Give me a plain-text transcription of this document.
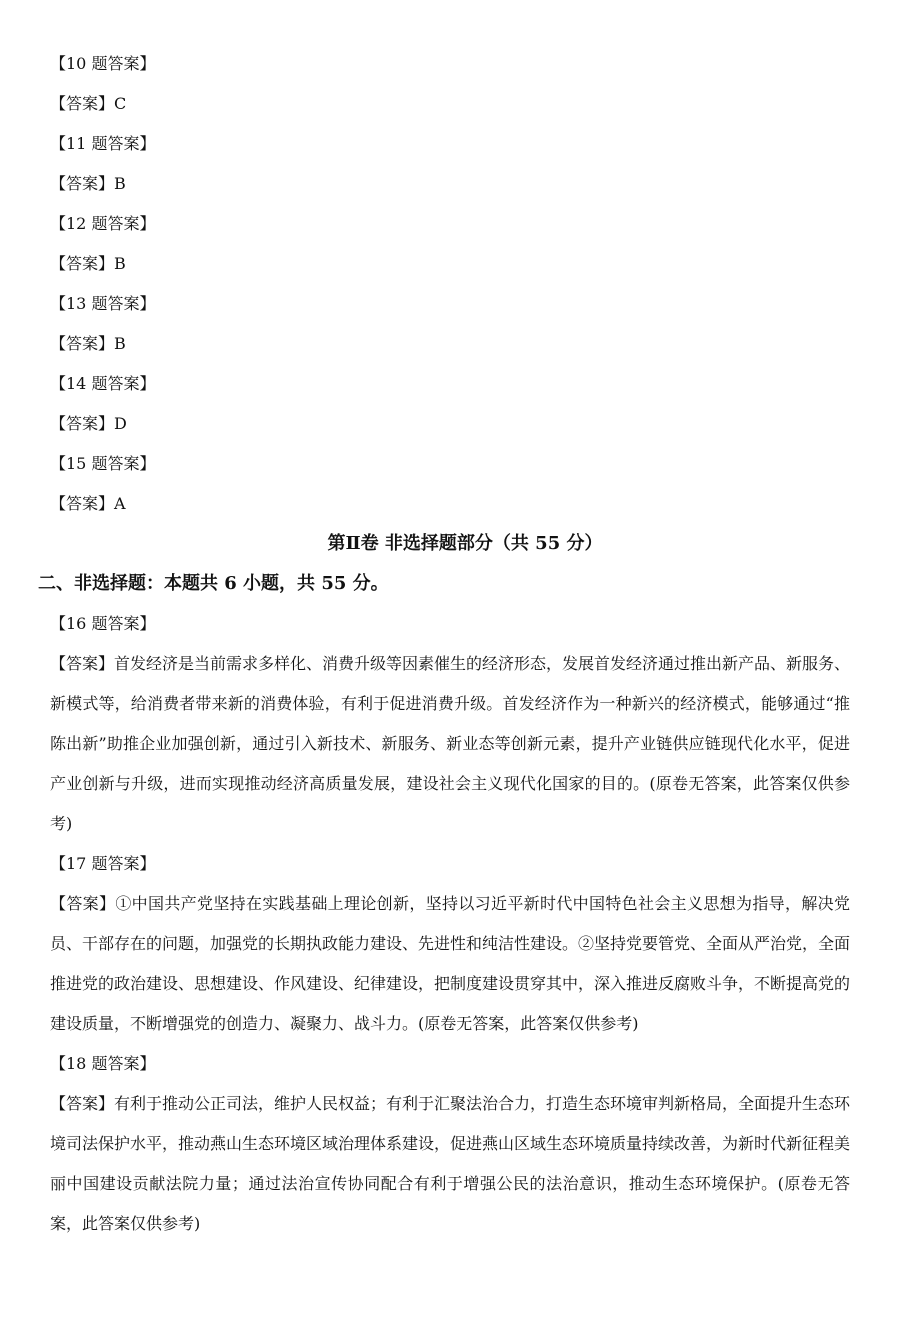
【10 题答案】
【答案】C
【11 题答案】
【答案】B
【12 题答案】
【答案】B
【13 题答案】
【答案】B
【14 题答案】
【答案】D
【15 题答案】
【答案】A
第Ⅱ卷 非选择题部分（共 55 分）
二、非选择题：本题共 6 小题，共 55 分。
【16 题答案】

【答案】首发经济是当前需求多样化、消费升级等因素催生的经济形态，发展首发经济通过推出新产品、新服务、新模式等，给消费者带来新的消费体验，有利于促进消费升级。首发经济作为一种新兴的经济模式，能够通过“推陈出新”助推企业加强创新，通过引入新技术、新服务、新业态等创新元素，提升产业链供应链现代化水平，促进产业创新与升级，进而实现推动经济高质量发展，建设社会主义现代化国家的目的。(原卷无答案，此答案仅供参考)

【17 题答案】

【答案】①中国共产党坚持在实践基础上理论创新，坚持以习近平新时代中国特色社会主义思想为指导，解决党员、干部存在的问题，加强党的长期执政能力建设、先进性和纯洁性建设。②坚持党要管党、全面从严治党，全面推进党的政治建设、思想建设、作风建设、纪律建设，把制度建设贯穿其中，深入推进反腐败斗争，不断提高党的建设质量，不断增强党的创造力、凝聚力、战斗力。(原卷无答案，此答案仅供参考)

【18 题答案】

【答案】有利于推动公正司法，维护人民权益；有利于汇聚法治合力，打造生态环境审判新格局，全面提升生态环境司法保护水平，推动燕山生态环境区域治理体系建设，促进燕山区域生态环境质量持续改善，为新时代新征程美丽中国建设贡献法院力量；通过法治宣传协同配合有利于增强公民的法治意识，推动生态环境保护。(原卷无答案，此答案仅供参考)
